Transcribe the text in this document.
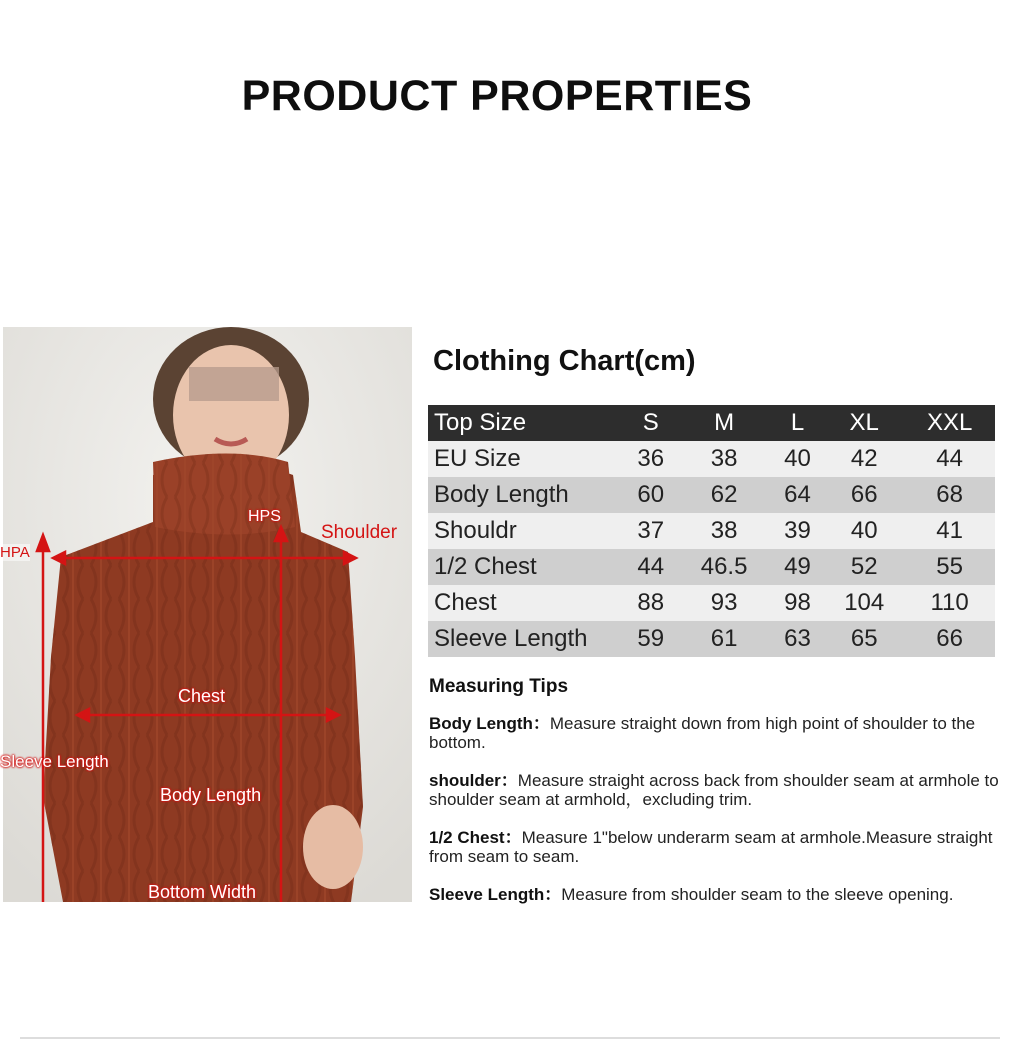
PRODUCT PROPERTIES
HPA
HPS
Shoulder
Chest
Sleeve Length
Body Length
Bottom Width
Clothing Chart(cm)
Top Size	S	M	L	XL	XXL
EU Size	36	38	40	42	44
Body Length	60	62	64	66	68
Shouldr	37	38	39	40	41
1/2 Chest	44	46.5	49	52	55
Chest	88	93	98	104	110
Sleeve Length	59	61	63	65	66
Measuring Tips

Body Length：Measure straight down from high point of shoulder to the bottom.

shoulder：Measure straight across back from shoulder seam at armhole to shoulder seam at armhold，excluding trim.

1/2 Chest：Measure 1"below underarm seam at armhole.Measure straight from seam to seam.

Sleeve Length：Measure from shoulder seam to the sleeve opening.
